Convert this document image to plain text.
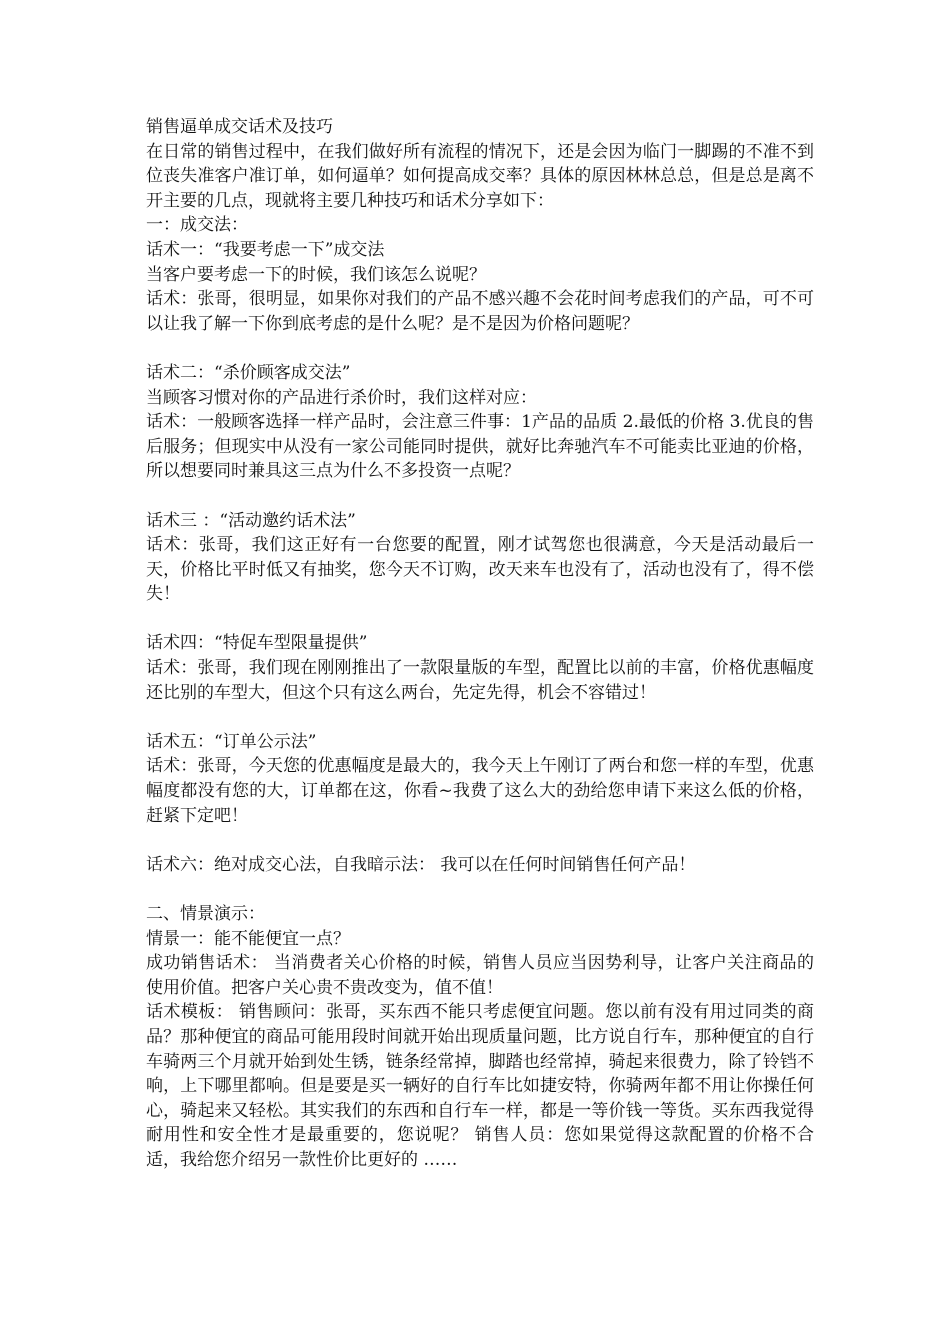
销售逼单成交话术及技巧

在日常的销售过程中，在我们做好所有流程的情况下，还是会因为临门一脚踢的不准不到位丧失准客户准订单，如何逼单？如何提高成交率？具体的原因林林总总，但是总是离不开主要的几点，现就将主要几种技巧和话术分享如下：

一：成交法：

话术一：“我要考虑一下”成交法

当客户要考虑一下的时候，我们该怎么说呢？

话术：张哥，很明显，如果你对我们的产品不感兴趣不会花时间考虑我们的产品，可不可以让我了解一下你到底考虑的是什么呢？是不是因为价格问题呢？

话术二：“杀价顾客成交法”

当顾客习惯对你的产品进行杀价时，我们这样对应：

话术：一般顾客选择一样产品时，会注意三件事：1产品的品质 2.最低的价格 3.优良的售后服务；但现实中从没有一家公司能同时提供，就好比奔驰汽车不可能卖比亚迪的价格，所以想要同时兼具这三点为什么不多投资一点呢？

话术三 ：“活动邀约话术法”

话术：张哥，我们这正好有一台您要的配置，刚才试驾您也很满意，今天是活动最后一天，价格比平时低又有抽奖，您今天不订购，改天来车也没有了，活动也没有了，得不偿失！

话术四：“特促车型限量提供”

话术：张哥，我们现在刚刚推出了一款限量版的车型，配置比以前的丰富，价格优惠幅度还比别的车型大，但这个只有这么两台，先定先得，机会不容错过！

话术五：“订单公示法”

话术：张哥，今天您的优惠幅度是最大的，我今天上午刚订了两台和您一样的车型，优惠幅度都没有您的大，订单都在这，你看~我费了这么大的劲给您申请下来这么低的价格，赶紧下定吧！

话术六：绝对成交心法，自我暗示法： 我可以在任何时间销售任何产品！

二、情景演示：

情景一：能不能便宜一点？

成功销售话术： 当消费者关心价格的时候，销售人员应当因势利导，让客户关注商品的使用价值。把客户关心贵不贵改变为，值不值！

话术模板： 销售顾问：张哥，买东西不能只考虑便宜问题。您以前有没有用过同类的商品？那种便宜的商品可能用段时间就开始出现质量问题，比方说自行车，那种便宜的自行车骑两三个月就开始到处生锈，链条经常掉，脚踏也经常掉，骑起来很费力，除了铃铛不响，上下哪里都响。但是要是买一辆好的自行车比如捷安特，你骑两年都不用让你操任何心，骑起来又轻松。其实我们的东西和自行车一样，都是一等价钱一等货。买东西我觉得耐用性和安全性才是最重要的，您说呢？ 销售人员：您如果觉得这款配置的价格不合适，我给您介绍另一款性价比更好的 ……
